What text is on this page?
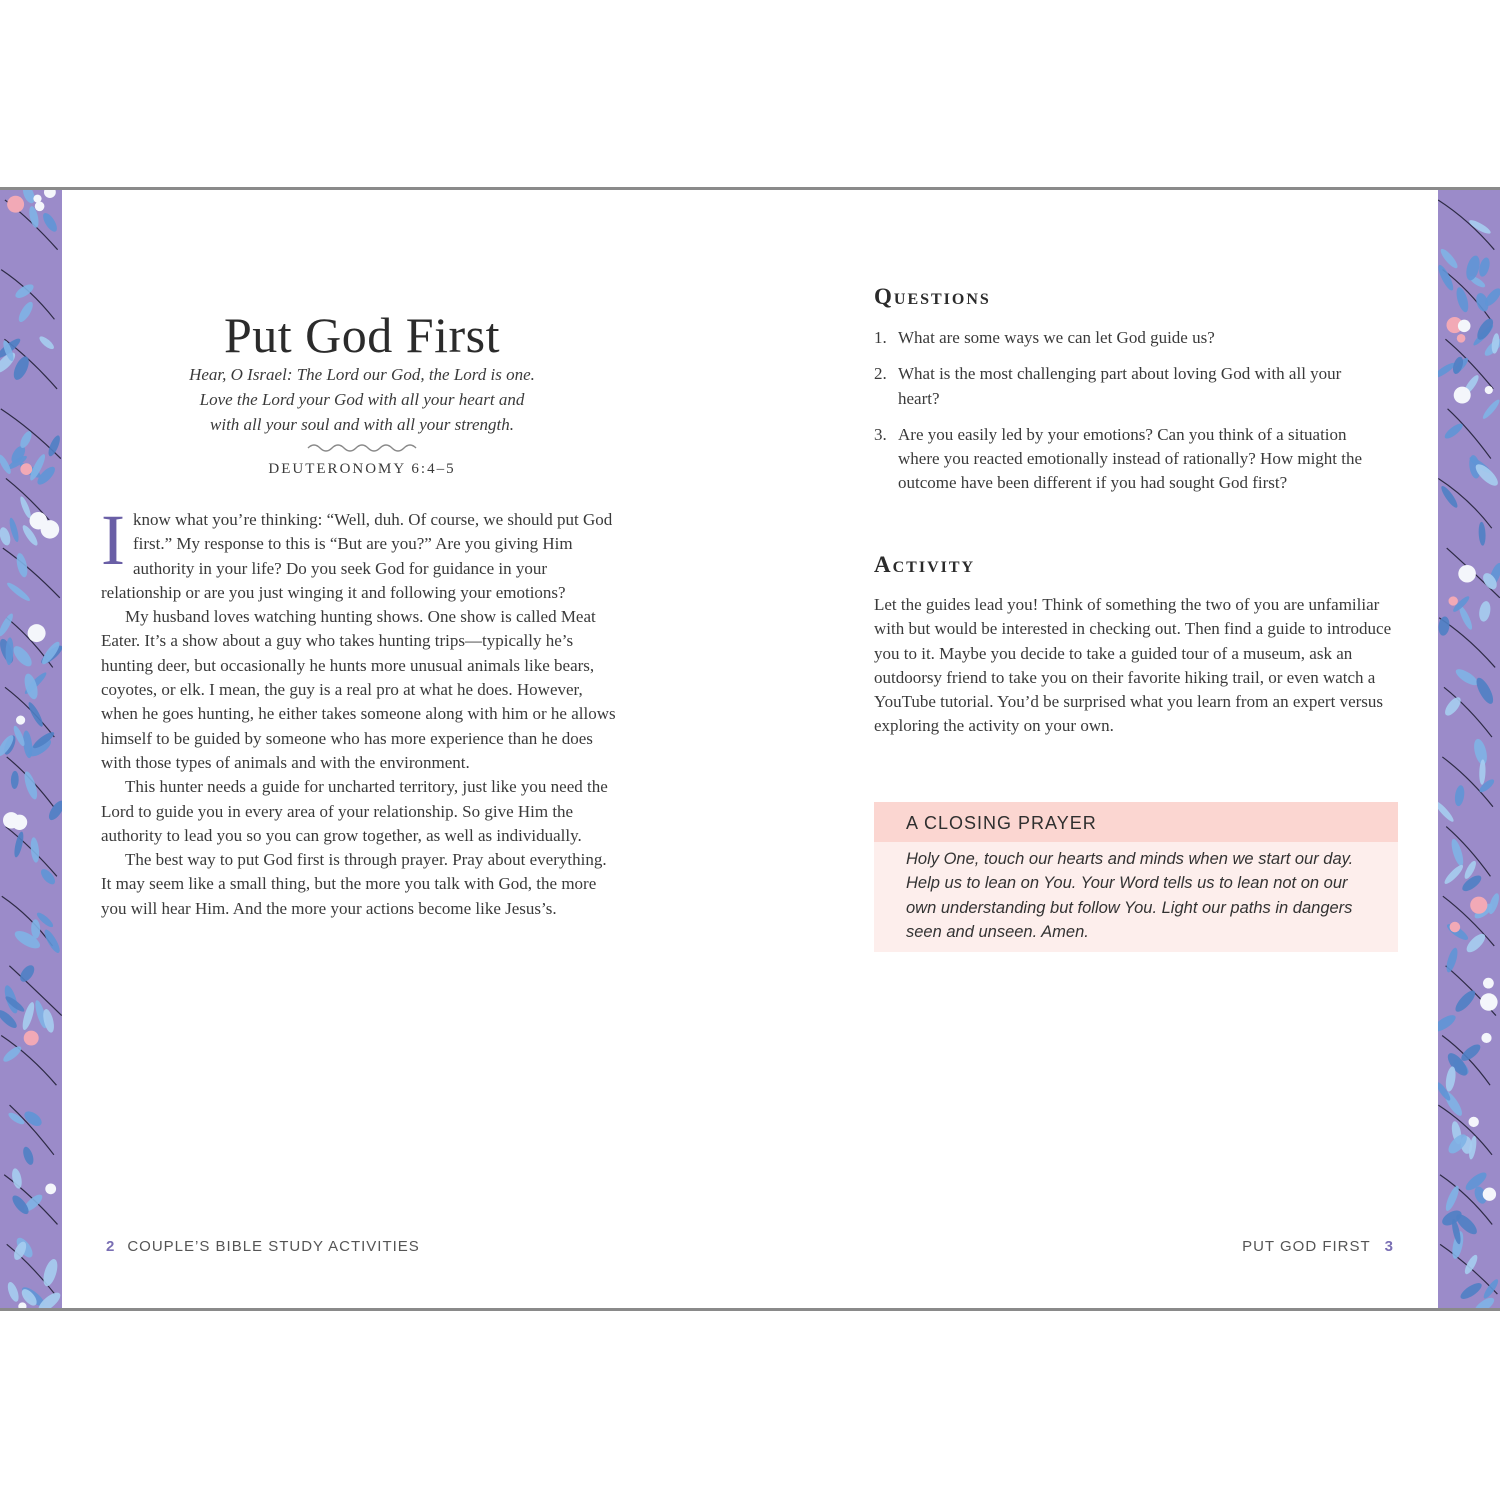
Put God First
Hear, O Israel: The Lord our God, the Lord is one.
Love the Lord your God with all your heart and
with all your soul and with all your strength.
DEUTERONOMY 6:4–5

Iknow what you’re thinking: “Well, duh. Of course, we should put God first.” My response to this is “But are you?” Are you giving Him authority in your life? Do you seek God for guidance in your relationship or are you just winging it and following your emotions?

My husband loves watching hunting shows. One show is called Meat Eater. It’s a show about a guy who takes hunting trips—typically he’s hunting deer, but occasionally he hunts more unusual animals like bears, coyotes, or elk. I mean, the guy is a real pro at what he does. However, when he goes hunting, he either takes someone along with him or he allows himself to be guided by someone who has more experience than he does with those types of animals and with the environment.

This hunter needs a guide for uncharted territory, just like you need the Lord to guide you in every area of your relationship. So give Him the authority to lead you so you can grow together, as well as individually.

The best way to put God first is through prayer. Pray about everything. It may seem like a small thing, but the more you talk with God, the more you will hear Him. And the more your actions become like Jesus’s.

2 COUPLE’S BIBLE STUDY ACTIVITIES
Questions
1. What are some ways we can let God guide us?
2. What is the most challenging part about loving God with all your heart?
3. Are you easily led by your emotions? Can you think of a situation where you reacted emotionally instead of rationally? How might the outcome have been different if you had sought God first?
Activity
Let the guides lead you! Think of something the two of you are unfamiliar with but would be interested in checking out. Then find a guide to introduce you to it. Maybe you decide to take a guided tour of a museum, ask an outdoorsy friend to take you on their favorite hiking trail, or even watch a YouTube tutorial. You’d be surprised what you learn from an expert versus exploring the activity on your own.
A CLOSING PRAYER
Holy One, touch our hearts and minds when we start our day. Help us to lean on You. Your Word tells us to lean not on our own understanding but follow You. Light our paths in dangers seen and unseen. Amen.
PUT GOD FIRST 3
